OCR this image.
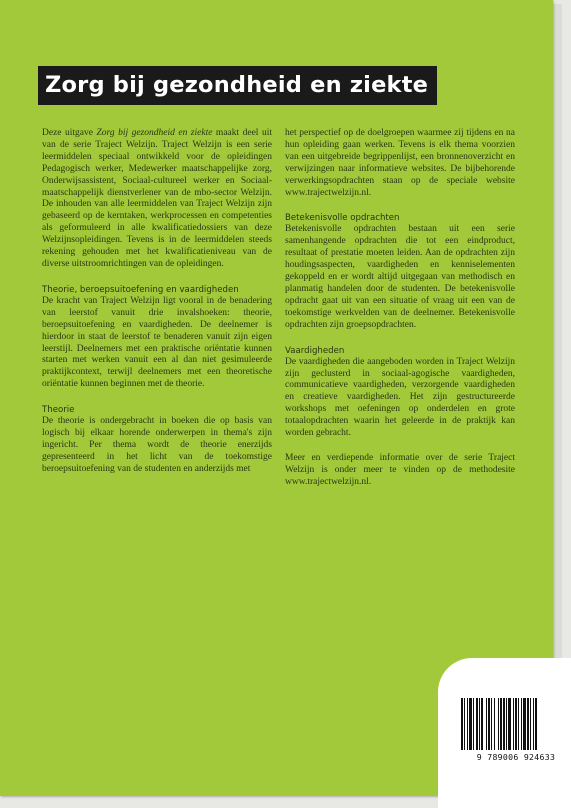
Zorg bij gezondheid en ziekte

Deze uitgave Zorg bij gezondheid en ziekte maakt deel uit van de serie Traject Welzijn. Traject Welzijn is een serie leermiddelen speciaal ontwikkeld voor de opleidingen Pedagogisch werker, Medewerker maatschappelijke zorg, Onderwijsassistent, Sociaal-cultureel werker en Sociaal-maatschappelijk dienstverlener van de mbo-sector Welzijn. De inhouden van alle leermiddelen van Traject Welzijn zijn gebaseerd op de kerntaken, werkprocessen en competenties als geformuleerd in alle kwalificatiedossiers van deze Welzijnsopleidingen. Tevens is in de leermiddelen steeds rekening gehouden met het kwalificatieniveau van de diverse uitstroomrichtingen van de opleidingen.

Theorie, beroepsuitoefening en vaardigheden

De kracht van Traject Welzijn ligt vooral in de benadering van leerstof vanuit drie invalshoeken: theorie, beroepsuitoefening en vaardigheden. De deelnemer is hierdoor in staat de leerstof te benaderen vanuit zijn eigen leerstijl. Deelnemers met een praktische oriëntatie kunnen starten met werken vanuit een al dan niet gesimuleerde praktijkcontext, terwijl deelnemers met een theoretische oriëntatie kunnen beginnen met de theorie.

Theorie

De theorie is ondergebracht in boeken die op basis van logisch bij elkaar horende onderwerpen in thema's zijn ingericht. Per thema wordt de theorie enerzijds gepresenteerd in het licht van de toekomstige beroepsuitoefening van de studenten en anderzijds met

het perspectief op de doelgroepen waarmee zij tijdens en na hun opleiding gaan werken. Tevens is elk thema voorzien van een uitgebreide begrippenlijst, een bronnenoverzicht en verwijzingen naar informatieve websites. De bijbehorende verwerkingsopdrachten staan op de speciale website www.trajectwelzijn.nl.

Betekenisvolle opdrachten

Betekenisvolle opdrachten bestaan uit een serie samenhangende opdrachten die tot een eindproduct, resultaat of prestatie moeten leiden. Aan de opdrachten zijn houdingsaspecten, vaardigheden en kenniselementen gekoppeld en er wordt altijd uitgegaan van methodisch en planmatig handelen door de studenten. De betekenisvolle opdracht gaat uit van een situatie of vraag uit een van de toekomstige werkvelden van de deelnemer. Betekenisvolle opdrachten zijn groepsopdrachten.

Vaardigheden

De vaardigheden die aangeboden worden in Traject Welzijn zijn geclusterd in sociaal-agogische vaardigheden, communicatieve vaardigheden, verzorgende vaardigheden en creatieve vaardigheden. Het zijn gestructureerde workshops met oefeningen op onderdelen en grote totaalopdrachten waarin het geleerde in de praktijk kan worden gebracht.

Meer en verdiepende informatie over de serie Traject Welzijn is onder meer te vinden op de methodesite www.trajectwelzijn.nl.

9 789006 924633
